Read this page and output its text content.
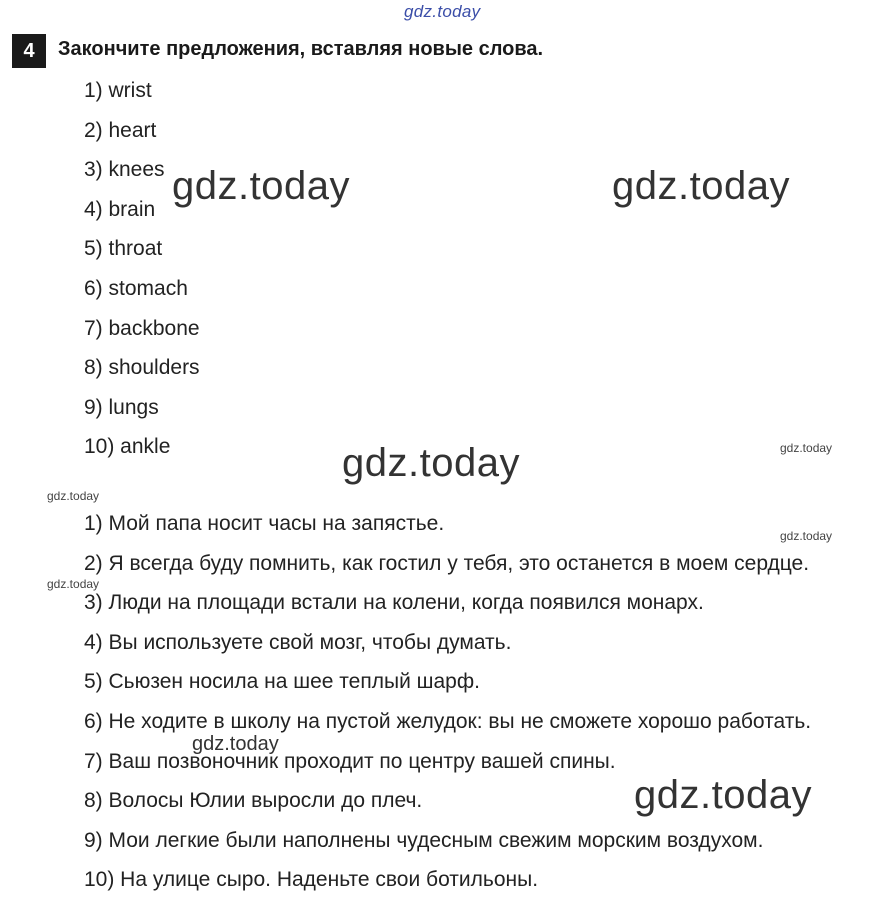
gdz.today
4	Закончите предложения, вставляя новые слова.
1) wrist
2) heart
3) knees
4) brain
5) throat
6) stomach
7) backbone
8) shoulders
9) lungs
10) ankle
1) Мой папа носит часы на запястье.
2) Я всегда буду помнить, как гостил у тебя, это останется в моем сердце.
3) Люди на площади встали на колени, когда появился монарх.
4) Вы используете свой мозг, чтобы думать.
5) Сьюзен носила на шее теплый шарф.
6) Не ходите в школу на пустой желудок: вы не сможете хорошо работать.
7) Ваш позвоночник проходит по центру вашей спины.
8) Волосы Юлии выросли до плеч.
9) Мои легкие были наполнены чудесным свежим морским воздухом.
10) На улице сыро. Наденьте свои ботильоны.
gdz.today	gdz.today
gdz.today	gdz.today
gdz.today
gdz.today
gdz.today
gdz.today
gdz.today
